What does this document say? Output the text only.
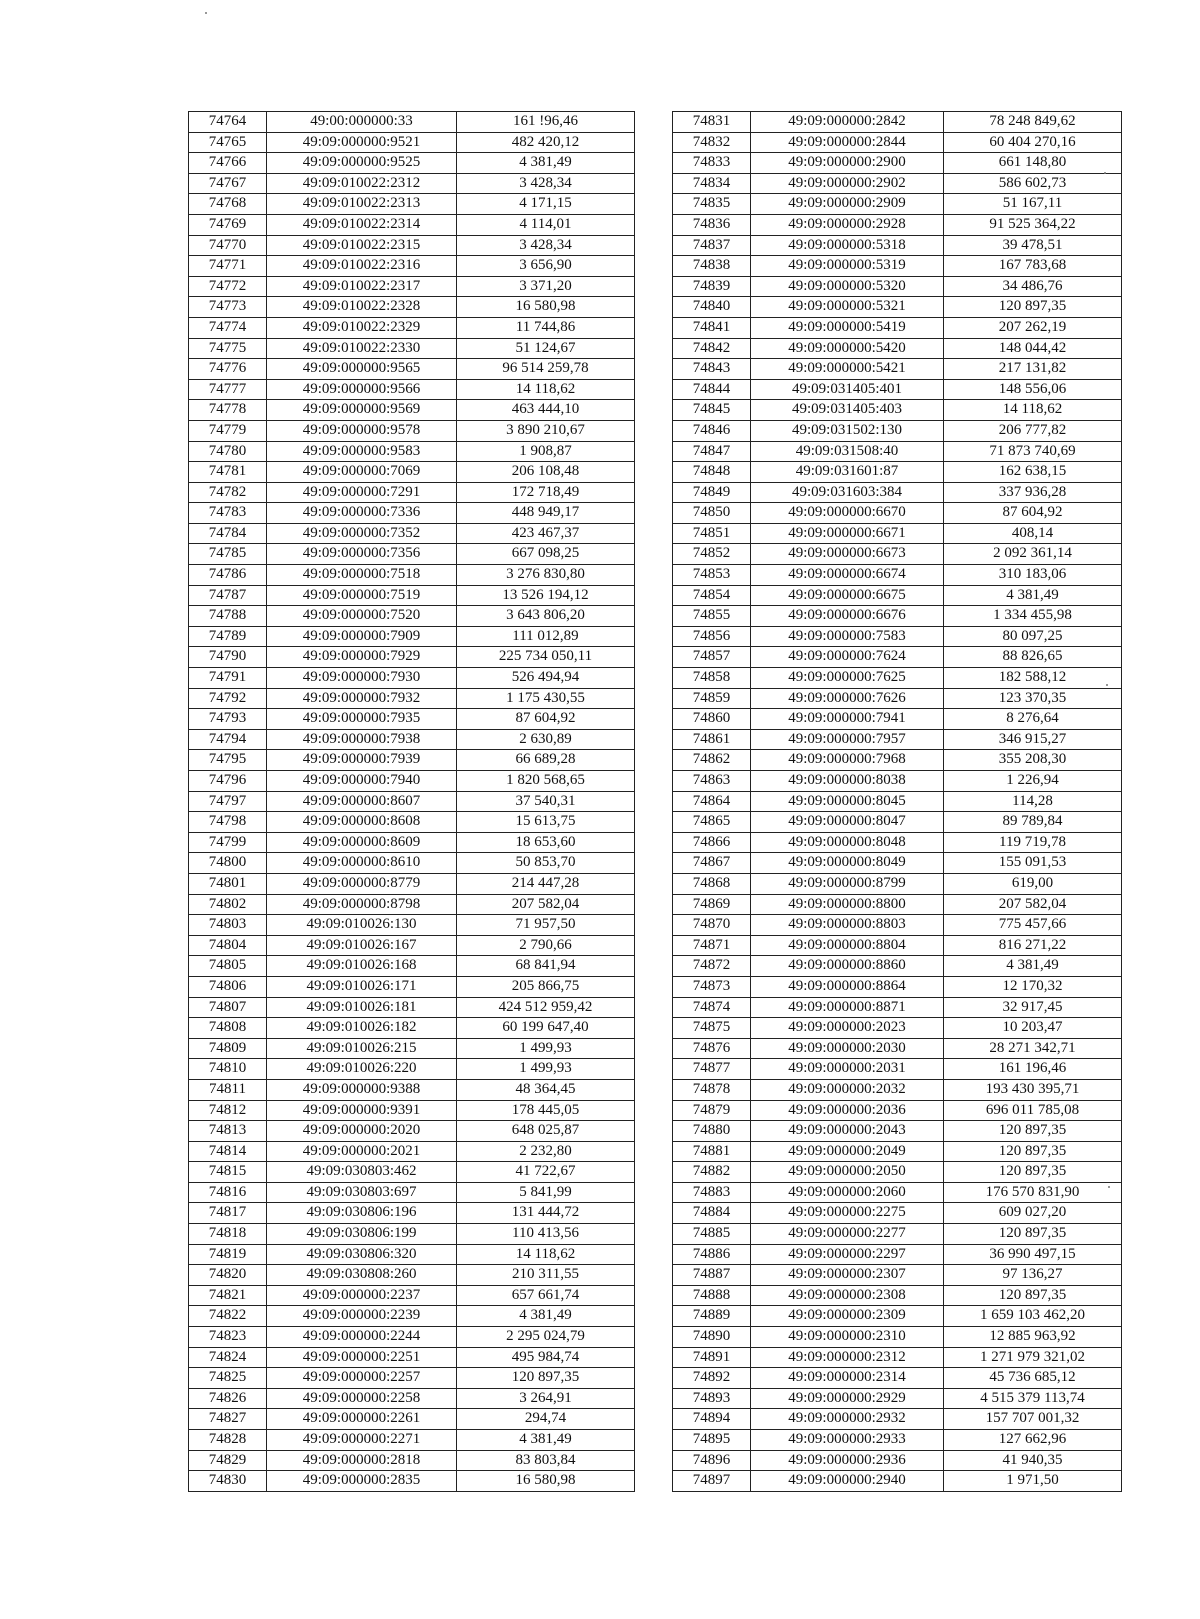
74764	49:00:000000:33	161 !96,46
74765	49:09:000000:9521	482 420,12
74766	49:09:000000:9525	4 381,49
74767	49:09:010022:2312	3 428,34
74768	49:09:010022:2313	4 171,15
74769	49:09:010022:2314	4 114,01
74770	49:09:010022:2315	3 428,34
74771	49:09:010022:2316	3 656,90
74772	49:09:010022:2317	3 371,20
74773	49:09:010022:2328	16 580,98
74774	49:09:010022:2329	11 744,86
74775	49:09:010022:2330	51 124,67
74776	49:09:000000:9565	96 514 259,78
74777	49:09:000000:9566	14 118,62
74778	49:09:000000:9569	463 444,10
74779	49:09:000000:9578	3 890 210,67
74780	49:09:000000:9583	1 908,87
74781	49:09:000000:7069	206 108,48
74782	49:09:000000:7291	172 718,49
74783	49:09:000000:7336	448 949,17
74784	49:09:000000:7352	423 467,37
74785	49:09:000000:7356	667 098,25
74786	49:09:000000:7518	3 276 830,80
74787	49:09:000000:7519	13 526 194,12
74788	49:09:000000:7520	3 643 806,20
74789	49:09:000000:7909	111 012,89
74790	49:09:000000:7929	225 734 050,11
74791	49:09:000000:7930	526 494,94
74792	49:09:000000:7932	1 175 430,55
74793	49:09:000000:7935	87 604,92
74794	49:09:000000:7938	2 630,89
74795	49:09:000000:7939	66 689,28
74796	49:09:000000:7940	1 820 568,65
74797	49:09:000000:8607	37 540,31
74798	49:09:000000:8608	15 613,75
74799	49:09:000000:8609	18 653,60
74800	49:09:000000:8610	50 853,70
74801	49:09:000000:8779	214 447,28
74802	49:09:000000:8798	207 582,04
74803	49:09:010026:130	71 957,50
74804	49:09:010026:167	2 790,66
74805	49:09:010026:168	68 841,94
74806	49:09:010026:171	205 866,75
74807	49:09:010026:181	424 512 959,42
74808	49:09:010026:182	60 199 647,40
74809	49:09:010026:215	1 499,93
74810	49:09:010026:220	1 499,93
74811	49:09:000000:9388	48 364,45
74812	49:09:000000:9391	178 445,05
74813	49:09:000000:2020	648 025,87
74814	49:09:000000:2021	2 232,80
74815	49:09:030803:462	41 722,67
74816	49:09:030803:697	5 841,99
74817	49:09:030806:196	131 444,72
74818	49:09:030806:199	110 413,56
74819	49:09:030806:320	14 118,62
74820	49:09:030808:260	210 311,55
74821	49:09:000000:2237	657 661,74
74822	49:09:000000:2239	4 381,49
74823	49:09:000000:2244	2 295 024,79
74824	49:09:000000:2251	495 984,74
74825	49:09:000000:2257	120 897,35
74826	49:09:000000:2258	3 264,91
74827	49:09:000000:2261	294,74
74828	49:09:000000:2271	4 381,49
74829	49:09:000000:2818	83 803,84
74830	49:09:000000:2835	16 580,98
74831	49:09:000000:2842	78 248 849,62
74832	49:09:000000:2844	60 404 270,16
74833	49:09:000000:2900	661 148,80
74834	49:09:000000:2902	586 602,73
74835	49:09:000000:2909	51 167,11
74836	49:09:000000:2928	91 525 364,22
74837	49:09:000000:5318	39 478,51
74838	49:09:000000:5319	167 783,68
74839	49:09:000000:5320	34 486,76
74840	49:09:000000:5321	120 897,35
74841	49:09:000000:5419	207 262,19
74842	49:09:000000:5420	148 044,42
74843	49:09:000000:5421	217 131,82
74844	49:09:031405:401	148 556,06
74845	49:09:031405:403	14 118,62
74846	49:09:031502:130	206 777,82
74847	49:09:031508:40	71 873 740,69
74848	49:09:031601:87	162 638,15
74849	49:09:031603:384	337 936,28
74850	49:09:000000:6670	87 604,92
74851	49:09:000000:6671	408,14
74852	49:09:000000:6673	2 092 361,14
74853	49:09:000000:6674	310 183,06
74854	49:09:000000:6675	4 381,49
74855	49:09:000000:6676	1 334 455,98
74856	49:09:000000:7583	80 097,25
74857	49:09:000000:7624	88 826,65
74858	49:09:000000:7625	182 588,12
74859	49:09:000000:7626	123 370,35
74860	49:09:000000:7941	8 276,64
74861	49:09:000000:7957	346 915,27
74862	49:09:000000:7968	355 208,30
74863	49:09:000000:8038	1 226,94
74864	49:09:000000:8045	114,28
74865	49:09:000000:8047	89 789,84
74866	49:09:000000:8048	119 719,78
74867	49:09:000000:8049	155 091,53
74868	49:09:000000:8799	619,00
74869	49:09:000000:8800	207 582,04
74870	49:09:000000:8803	775 457,66
74871	49:09:000000:8804	816 271,22
74872	49:09:000000:8860	4 381,49
74873	49:09:000000:8864	12 170,32
74874	49:09:000000:8871	32 917,45
74875	49:09:000000:2023	10 203,47
74876	49:09:000000:2030	28 271 342,71
74877	49:09:000000:2031	161 196,46
74878	49:09:000000:2032	193 430 395,71
74879	49:09:000000:2036	696 011 785,08
74880	49:09:000000:2043	120 897,35
74881	49:09:000000:2049	120 897,35
74882	49:09:000000:2050	120 897,35
74883	49:09:000000:2060	176 570 831,90
74884	49:09:000000:2275	609 027,20
74885	49:09:000000:2277	120 897,35
74886	49:09:000000:2297	36 990 497,15
74887	49:09:000000:2307	97 136,27
74888	49:09:000000:2308	120 897,35
74889	49:09:000000:2309	1 659 103 462,20
74890	49:09:000000:2310	12 885 963,92
74891	49:09:000000:2312	1 271 979 321,02
74892	49:09:000000:2314	45 736 685,12
74893	49:09:000000:2929	4 515 379 113,74
74894	49:09:000000:2932	157 707 001,32
74895	49:09:000000:2933	127 662,96
74896	49:09:000000:2936	41 940,35
74897	49:09:000000:2940	1 971,50
